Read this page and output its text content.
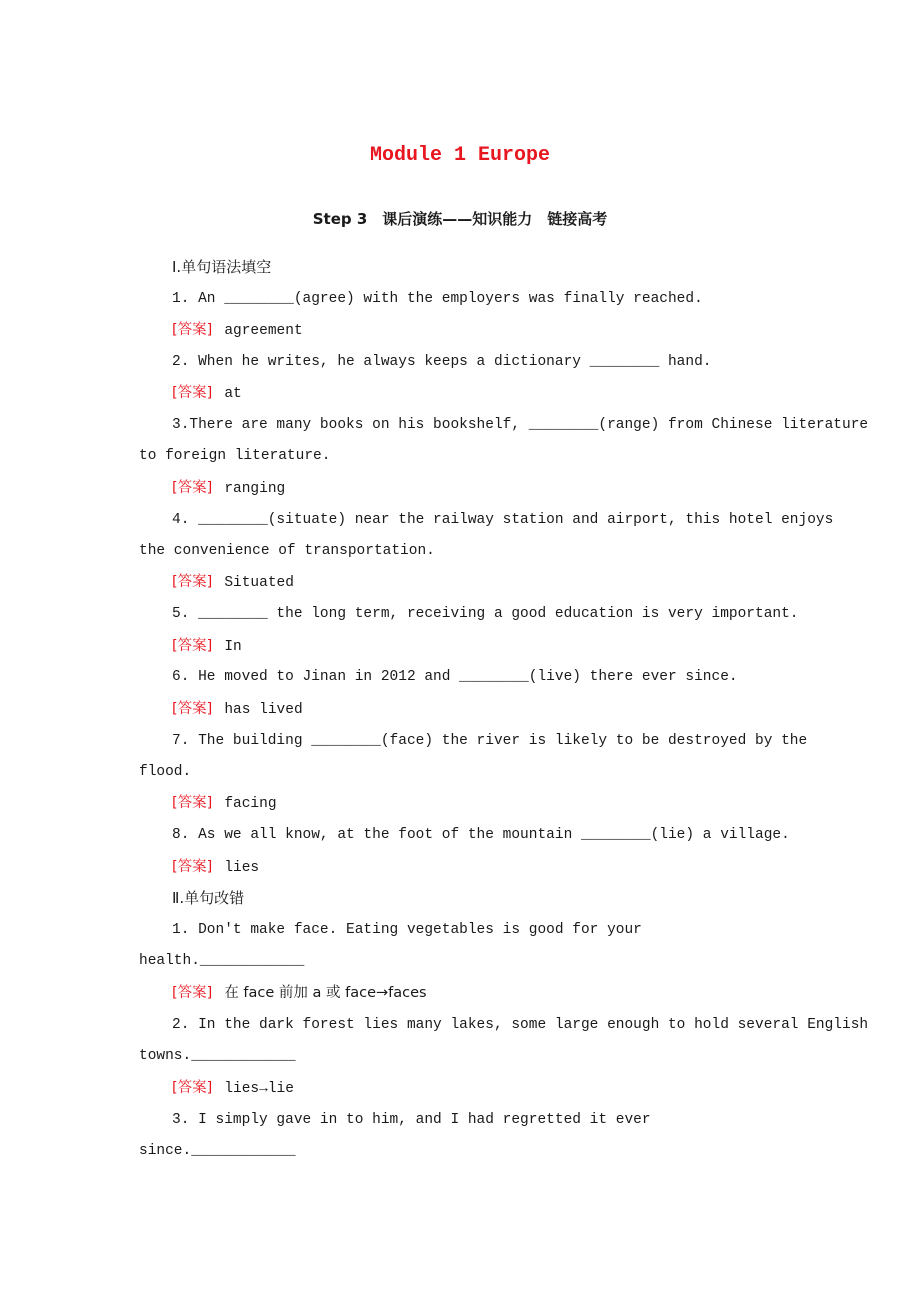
Module 1 Europe
Step 3　课后演练——知识能力　链接高考
Ⅰ.单句语法填空
1. An ________(agree) with the employers was finally reached.
[答案] agreement
2. When he writes, he always keeps a dictionary ________ hand.
[答案] at
3.There are many books on his bookshelf, ________(range) from Chinese literature
to foreign literature.
[答案] ranging
4. ________(situate) near the railway station and airport, this hotel enjoys
the convenience of transportation.
[答案] Situated
5. ________ the long term, receiving a good education is very important.
[答案] In
6. He moved to Jinan in 2012 and ________(live) there ever since.
[答案] has lived
7. The building ________(face) the river is likely to be destroyed by the
flood.
[答案] facing
8. As we all know, at the foot of the mountain ________(lie) a village.
[答案] lies
Ⅱ.单句改错
1. Don't make face. Eating vegetables is good for your
health.____________
[答案] 在 face 前加 a 或 face→faces
2. In the dark forest lies many lakes, some large enough to hold several English
towns.____________
[答案] lies→lie
3. I simply gave in to him, and I had regretted it ever
since.____________
